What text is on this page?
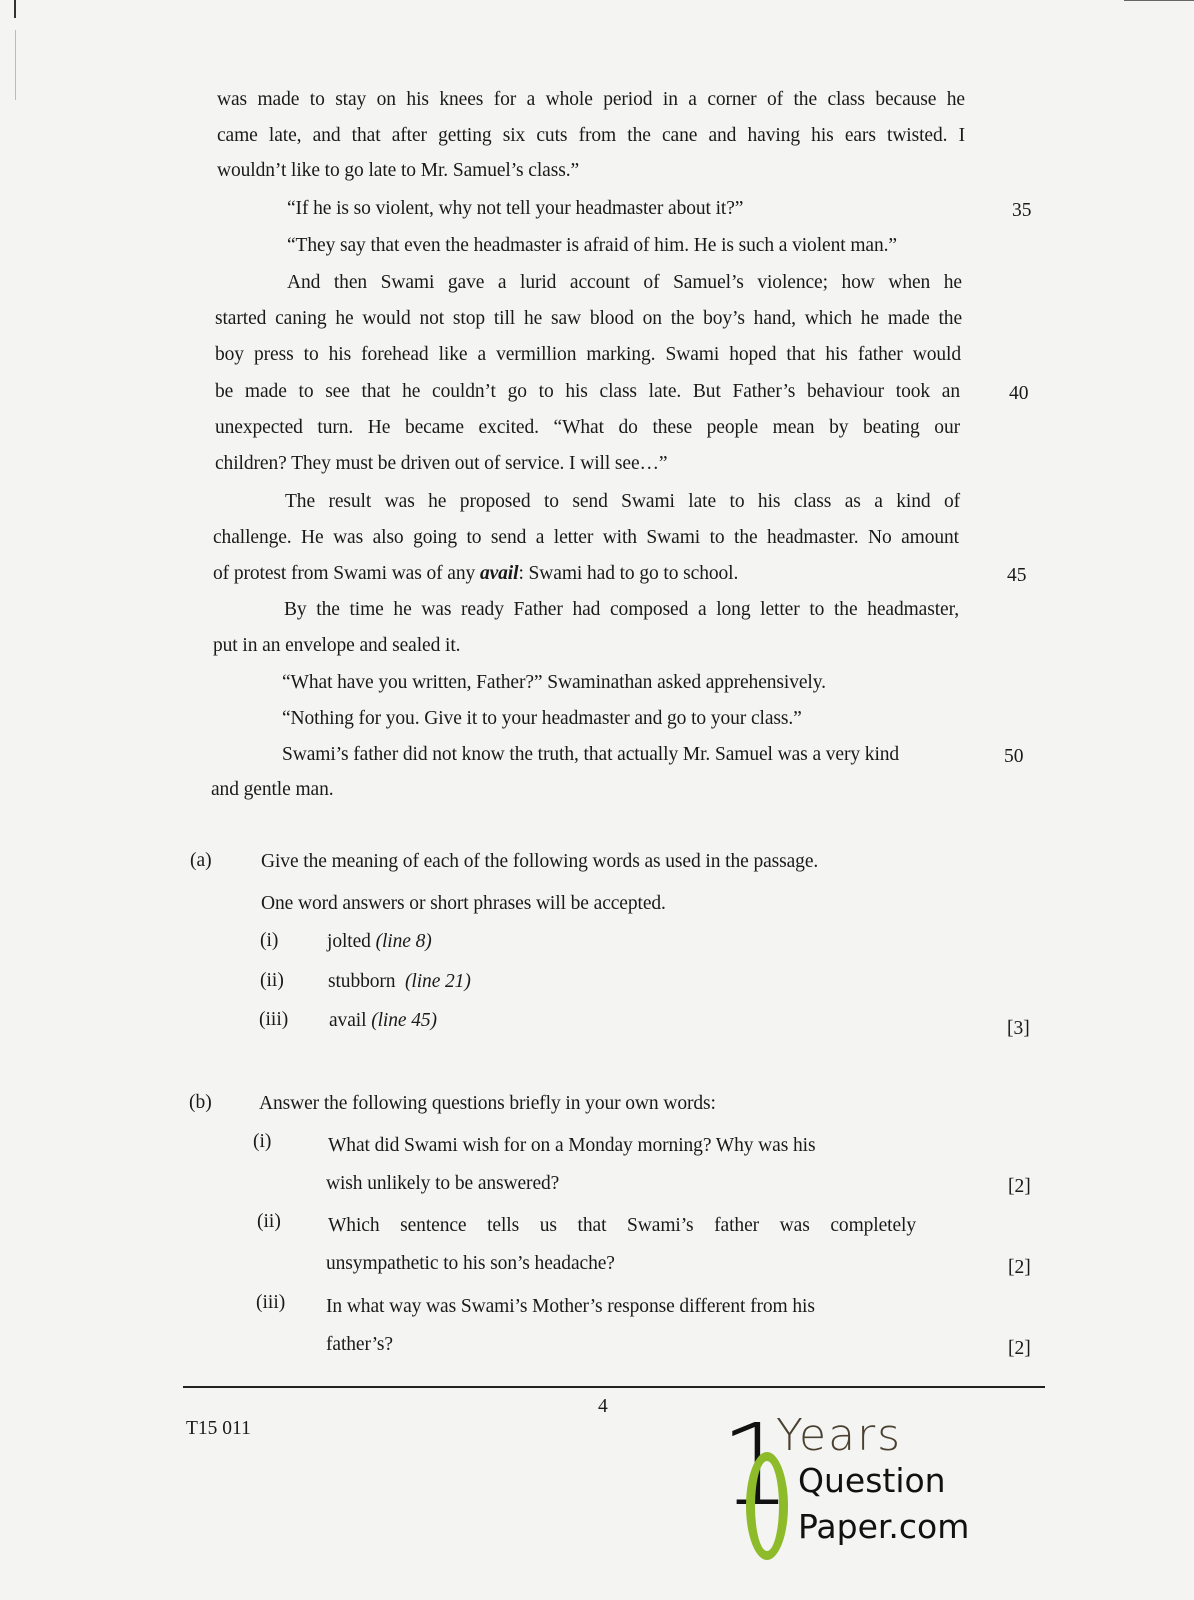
was made to stay on his knees for a whole period in a corner of the class because he
came late, and that after getting six cuts from the cane and having his ears twisted. I
wouldn’t like to go late to Mr. Samuel’s class.”
“If he is so violent, why not tell your headmaster about it?”	35
“They say that even the headmaster is afraid of him. He is such a violent man.”
And then Swami gave a lurid account of Samuel’s violence; how when he
started caning he would not stop till he saw blood on the boy’s hand, which he made the
boy press to his forehead like a vermillion marking. Swami hoped that his father would
be made to see that he couldn’t go to his class late. But Father’s behaviour took an	40
unexpected turn. He became excited. “What do these people mean by beating our
children? They must be driven out of service. I will see…”
The result was he proposed to send Swami late to his class as a kind of
challenge. He was also going to send a letter with Swami to the headmaster. No amount
of protest from Swami was of any avail: Swami had to go to school.	45
By the time he was ready Father had composed a long letter to the headmaster,
put in an envelope and sealed it.
“What have you written, Father?” Swaminathan asked apprehensively.
“Nothing for you. Give it to your headmaster and go to your class.”
Swami’s father did not know the truth, that actually Mr. Samuel was a very kind	50
and gentle man.
(a)	Give the meaning of each of the following words as used in the passage.
One word answers or short phrases will be accepted.
(i) jolted (line 8)
(ii) stubborn (line 21)
(iii) avail (line 45)	[3]
(b) Answer the following questions briefly in your own words:
(i)	What did Swami wish for on a Monday morning? Why was his
wish unlikely to be answered?	[2]
(ii) Which sentence tells us that Swami’s father was completely
unsympathetic to his son’s headache?	[2]
(iii) In what way was Swami’s Mother’s response different from his
father’s?	[2]
4
T15 011	1
Years
Question
Paper.com
